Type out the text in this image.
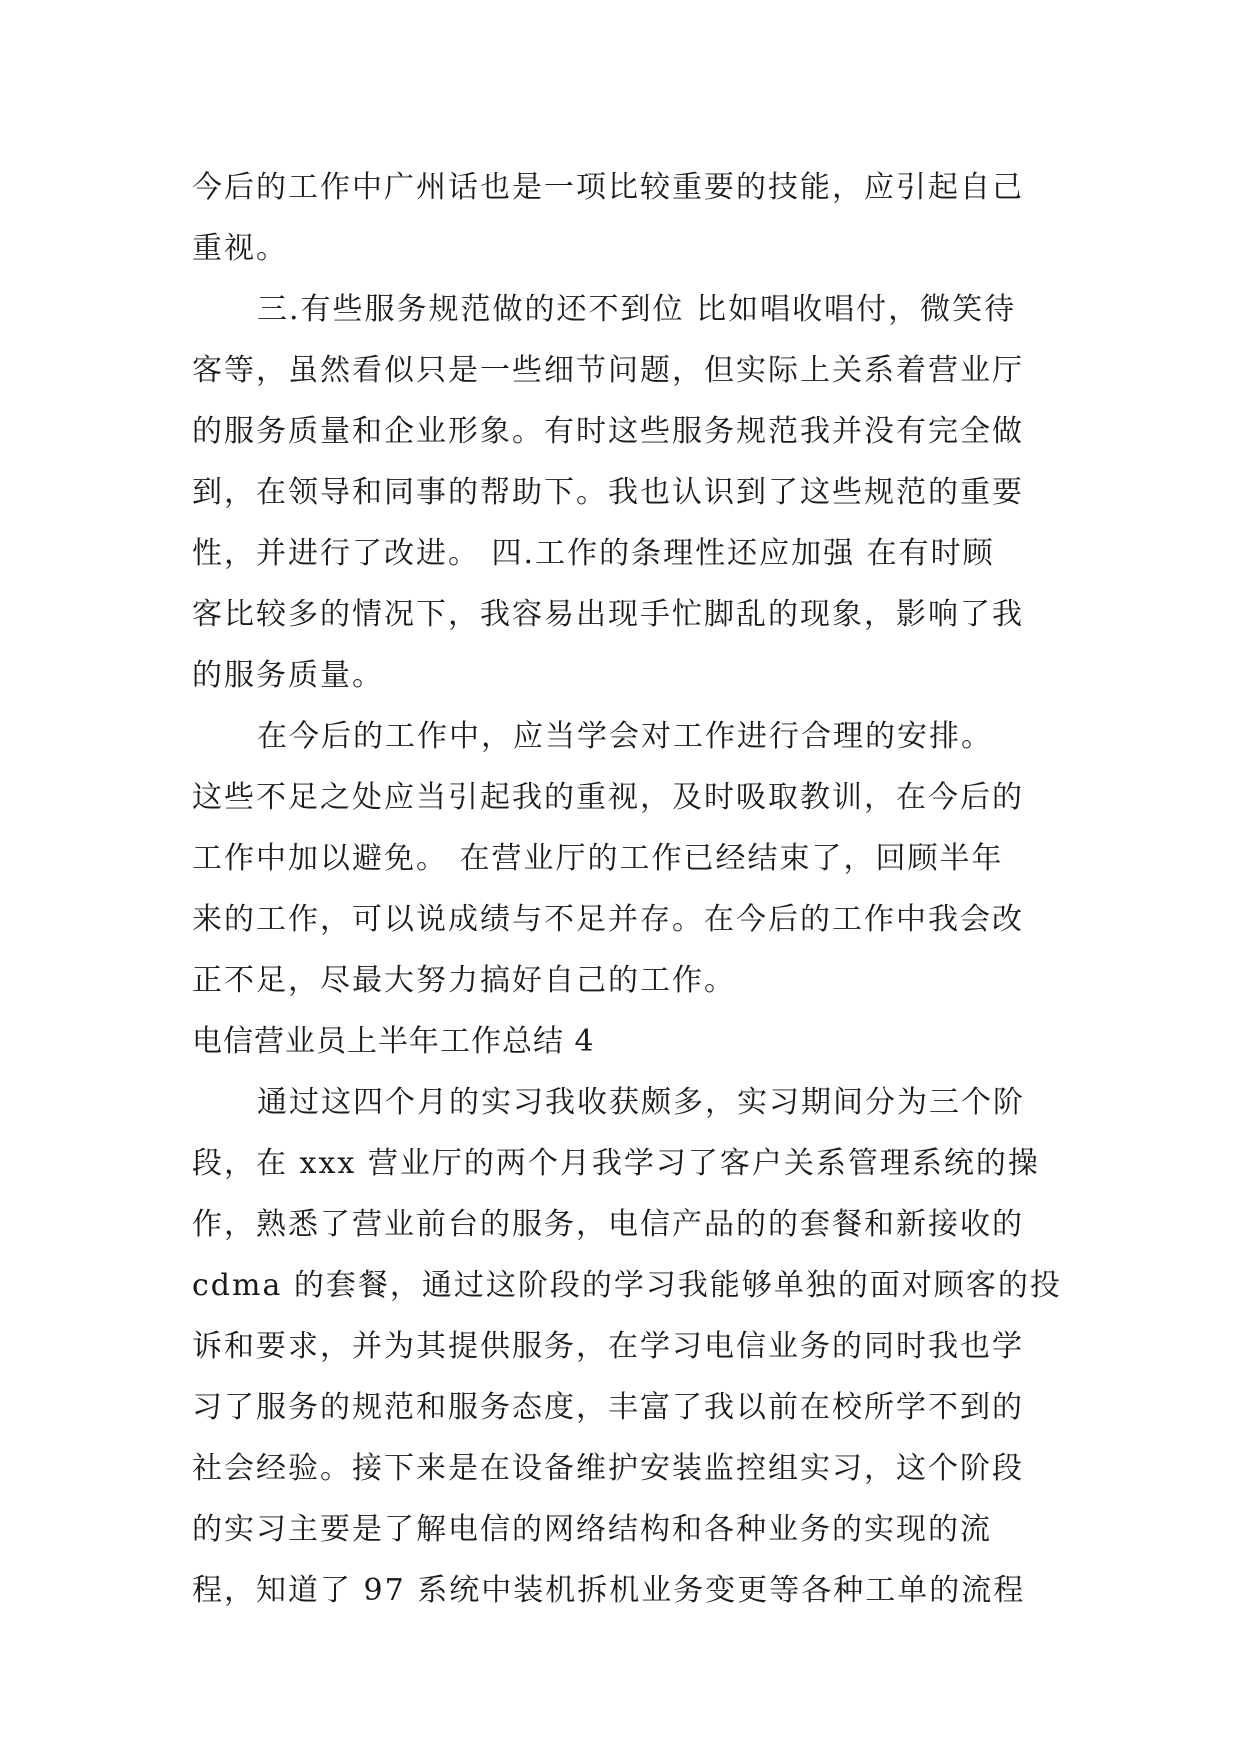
今后的工作中广州话也是一项比较重要的技能，应引起自己
重视。
三.有些服务规范做的还不到位 比如唱收唱付，微笑待
客等，虽然看似只是一些细节问题，但实际上关系着营业厅
的服务质量和企业形象。有时这些服务规范我并没有完全做
到，在领导和同事的帮助下。我也认识到了这些规范的重要
性，并进行了改进。 四.工作的条理性还应加强 在有时顾
客比较多的情况下，我容易出现手忙脚乱的现象，影响了我
的服务质量。
在今后的工作中，应当学会对工作进行合理的安排。
这些不足之处应当引起我的重视，及时吸取教训，在今后的
工作中加以避免。 在营业厅的工作已经结束了，回顾半年
来的工作，可以说成绩与不足并存。在今后的工作中我会改
正不足，尽最大努力搞好自己的工作。
电信营业员上半年工作总结 4
通过这四个月的实习我收获颇多，实习期间分为三个阶
段，在 xxx 营业厅的两个月我学习了客户关系管理系统的操
作，熟悉了营业前台的服务，电信产品的的套餐和新接收的
cdma 的套餐，通过这阶段的学习我能够单独的面对顾客的投
诉和要求，并为其提供服务，在学习电信业务的同时我也学
习了服务的规范和服务态度，丰富了我以前在校所学不到的
社会经验。接下来是在设备维护安装监控组实习，这个阶段
的实习主要是了解电信的网络结构和各种业务的实现的流
程，知道了 97 系统中装机拆机业务变更等各种工单的流程
